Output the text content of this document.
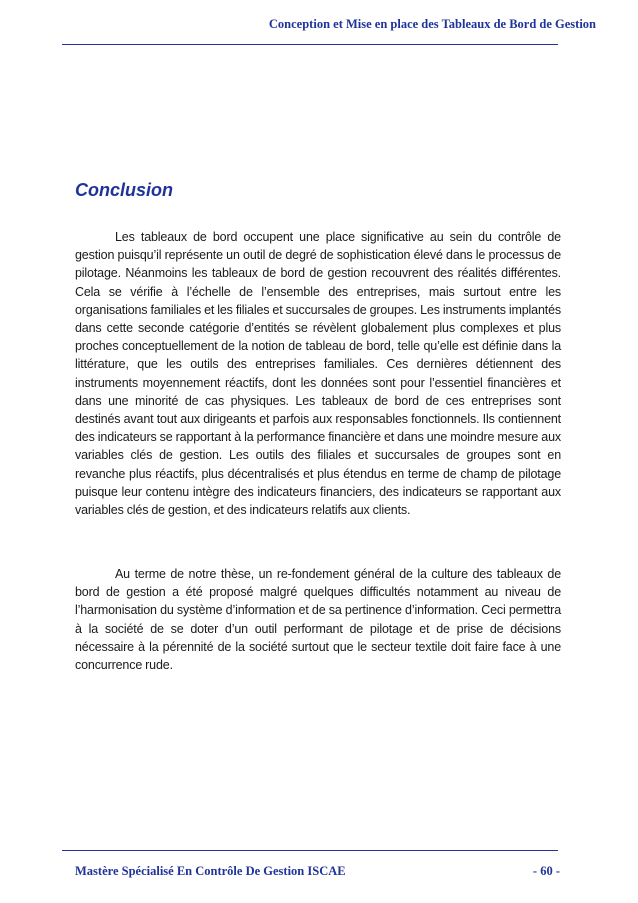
Conception et Mise en place des Tableaux de Bord de Gestion
Conclusion

Les tableaux de bord occupent une place significative au sein du contrôle de gestion puisqu’il représente un outil de degré de sophistication élevé dans le processus de pilotage. Néanmoins les tableaux de bord de gestion recouvrent des réalités différentes. Cela se vérifie à l’échelle de l’ensemble des entreprises, mais surtout entre les organisations familiales et les filiales et succursales de groupes. Les instruments implantés dans cette seconde catégorie d’entités se révèlent globalement plus complexes et plus proches conceptuellement de la notion de tableau de bord, telle qu’elle est définie dans la littérature, que les outils des entreprises familiales. Ces dernières détiennent des instruments moyennement réactifs, dont les données sont pour l’essentiel financières et dans une minorité de cas physiques. Les tableaux de bord de ces entreprises sont destinés avant tout aux dirigeants et parfois aux responsables fonctionnels. Ils contiennent des indicateurs se rapportant à la performance financière et dans une moindre mesure aux variables clés de gestion. Les outils des filiales et succursales de groupes sont en revanche plus réactifs, plus décentralisés et plus étendus en terme de champ de pilotage puisque leur contenu intègre des indicateurs financiers, des indicateurs se rapportant aux variables clés de gestion, et des indicateurs relatifs aux clients.

Au terme de notre thèse, un re-fondement général de la culture des tableaux de bord de gestion a été proposé malgré quelques difficultés notamment au niveau de l’harmonisation du système d’information et de sa pertinence d’information. Ceci permettra à la société de se doter d’un outil performant de pilotage et de prise de décisions nécessaire à la pérennité de la société surtout que le secteur textile doit faire face à une concurrence rude.

Mastère Spécialisé En Contrôle De Gestion ISCAE	- 60 -
